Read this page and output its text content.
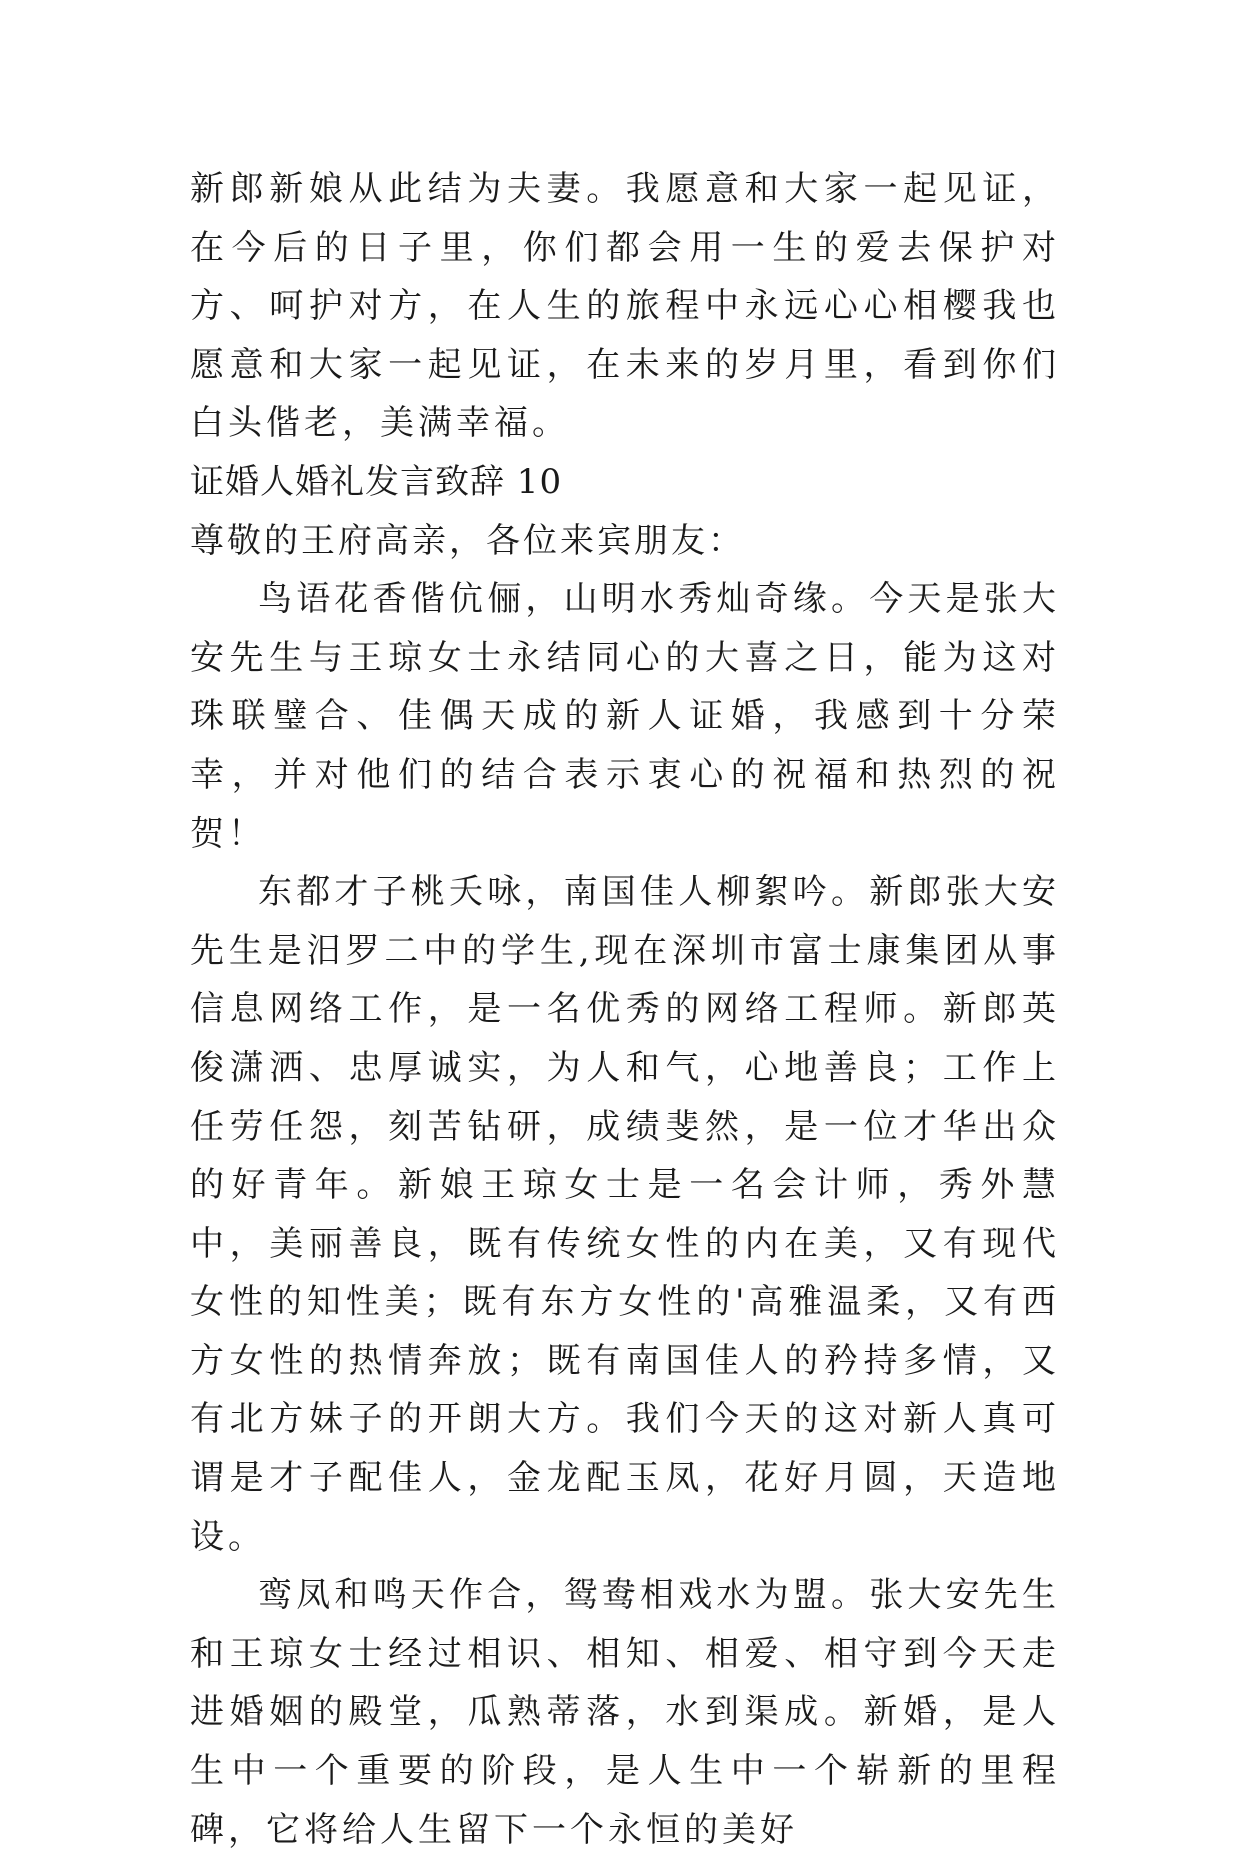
新郎新娘从此结为夫妻。我愿意和大家一起见证，在今后的日子里，你们都会用一生的爱去保护对方、呵护对方，在人生的旅程中永远心心相樱我也愿意和大家一起见证，在未来的岁月里，看到你们白头偕老，美满幸福。

证婚人婚礼发言致辞 10

尊敬的王府高亲，各位来宾朋友：

鸟语花香偕伉俪，山明水秀灿奇缘。今天是张大安先生与王琼女士永结同心的大喜之日，能为这对珠联璧合、佳偶天成的新人证婚，我感到十分荣幸，并对他们的结合表示衷心的祝福和热烈的祝贺！

东都才子桃夭咏，南国佳人柳絮吟。新郎张大安先生是汨罗二中的学生,现在深圳市富士康集团从事信息网络工作，是一名优秀的网络工程师。新郎英俊潇洒、忠厚诚实，为人和气，心地善良；工作上任劳任怨，刻苦钻研，成绩斐然，是一位才华出众的好青年。新娘王琼女士是一名会计师，秀外慧中，美丽善良，既有传统女性的内在美，又有现代女性的知性美；既有东方女性的'高雅温柔，又有西方女性的热情奔放；既有南国佳人的矜持多情，又有北方妹子的开朗大方。我们今天的这对新人真可谓是才子配佳人，金龙配玉凤，花好月圆，天造地设。

鸾凤和鸣天作合，鸳鸯相戏水为盟。张大安先生和王琼女士经过相识、相知、相爱、相守到今天走进婚姻的殿堂，瓜熟蒂落，水到渠成。新婚，是人生中一个重要的阶段，是人生中一个崭新的里程碑，它将给人生留下一个永恒的美好
